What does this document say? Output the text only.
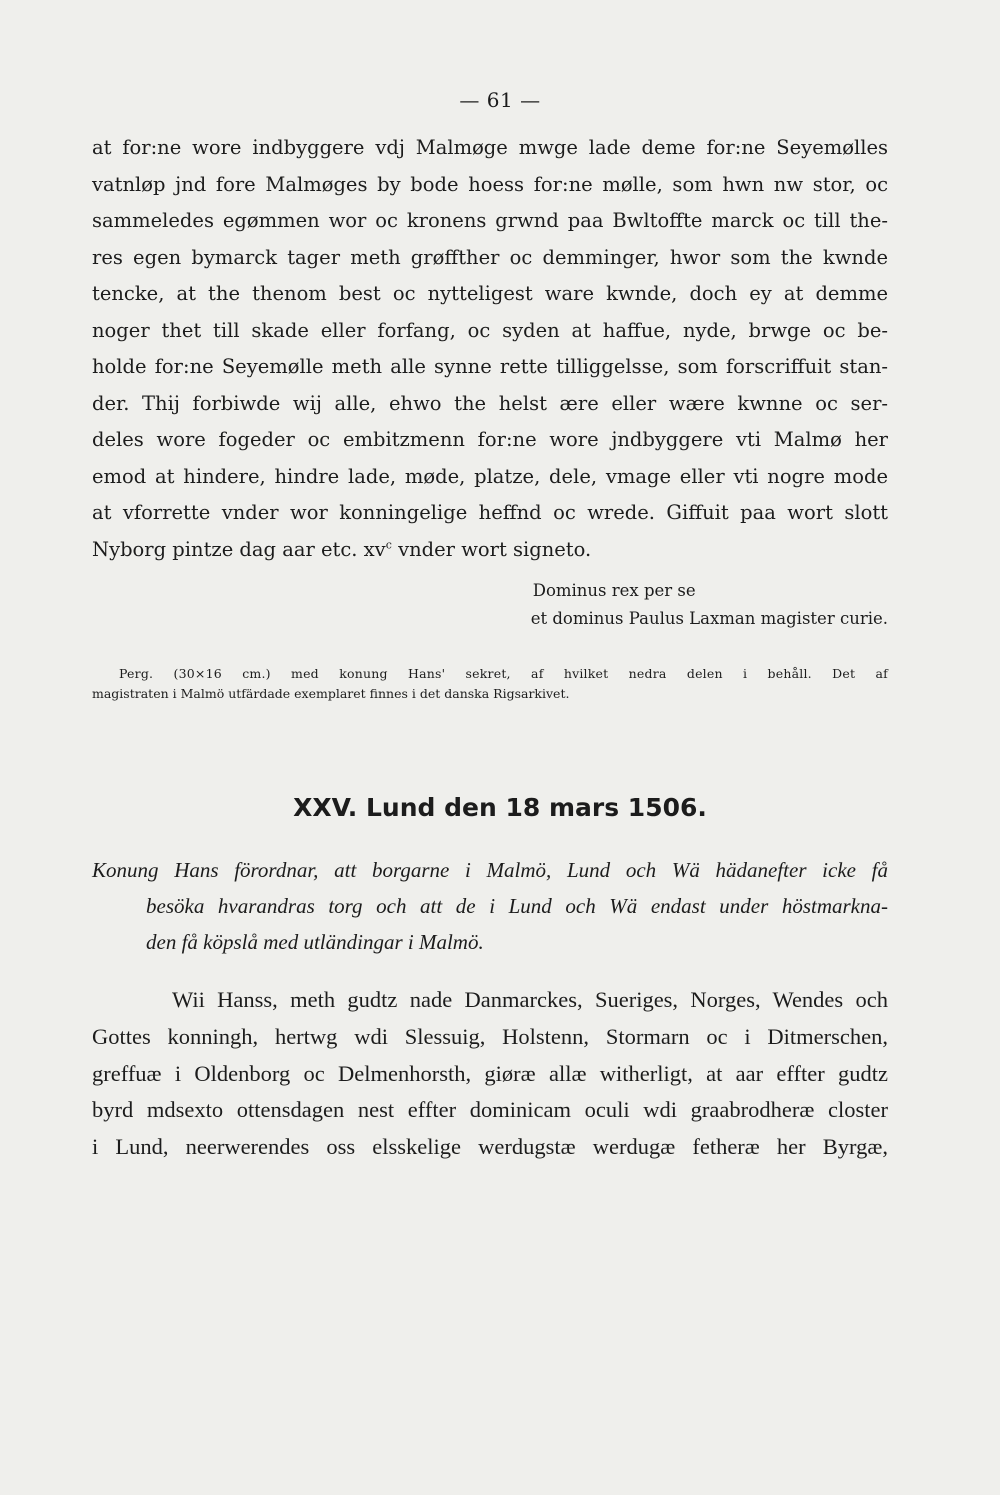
— 61 —
at for:ne wore indbyggere vdj Malmøge mwge lade deme for:ne Seyemølles
vatnløp jnd fore Malmøges by bode hoess for:ne mølle, som hwn nw stor, oc
sammeledes egømmen wor oc kronens grwnd paa Bwltoffte marck oc till the-
res egen bymarck tager meth grøffther oc demminger, hwor som the kwnde
tencke, at the thenom best oc nytteligest ware kwnde, doch ey at demme
noger thet till skade eller forfang, oc syden at haffue, nyde, brwge oc be-
holde for:ne Seyemølle meth alle synne rette tilliggelsse, som forscriffuit stan-
der. Thij forbiwde wij alle, ehwo the helst ære eller wære kwnne oc ser-
deles wore fogeder oc embitzmenn for:ne wore jndbyggere vti Malmø her
emod at hindere, hindre lade, møde, platze, dele, vmage eller vti nogre mode
at vforrette vnder wor konningelige heffnd oc wrede. Giffuit paa wort slott
Nyborg pintze dag aar etc. $xv^c$ vnder wort signeto.
Dominus rex per se
et dominus Paulus Laxman magister curie.
Perg. (30×16 cm.) med konung Hans' sekret, af hvilket nedra delen i behåll. Det af
magistraten i Malmö utfärdade exemplaret finnes i det danska Rigsarkivet.
XXV. Lund den 18 mars 1506.
Konung Hans förordnar, att borgarne i Malmö, Lund och Wä hädanefter icke få
besöka hvarandras torg och att de i Lund och Wä endast under höstmarkna-
den få köpslå med utländingar i Malmö.
Wii Hanss, meth gudtz nade Danmarckes, Sueriges, Norges, Wendes och
Gottes konningh, hertwg wdi Slessuig, Holstenn, Stormarn oc i Ditmerschen,
greffuæ i Oldenborg oc Delmenhorsth, giøræ allæ witherligt, at aar effter gudtz
byrd mdsexto ottensdagen nest effter dominicam oculi wdi graabrodheræ closter
i Lund, neerwerendes oss elsskelige werdugstæ werdugæ fetheræ her Byrgæ,
